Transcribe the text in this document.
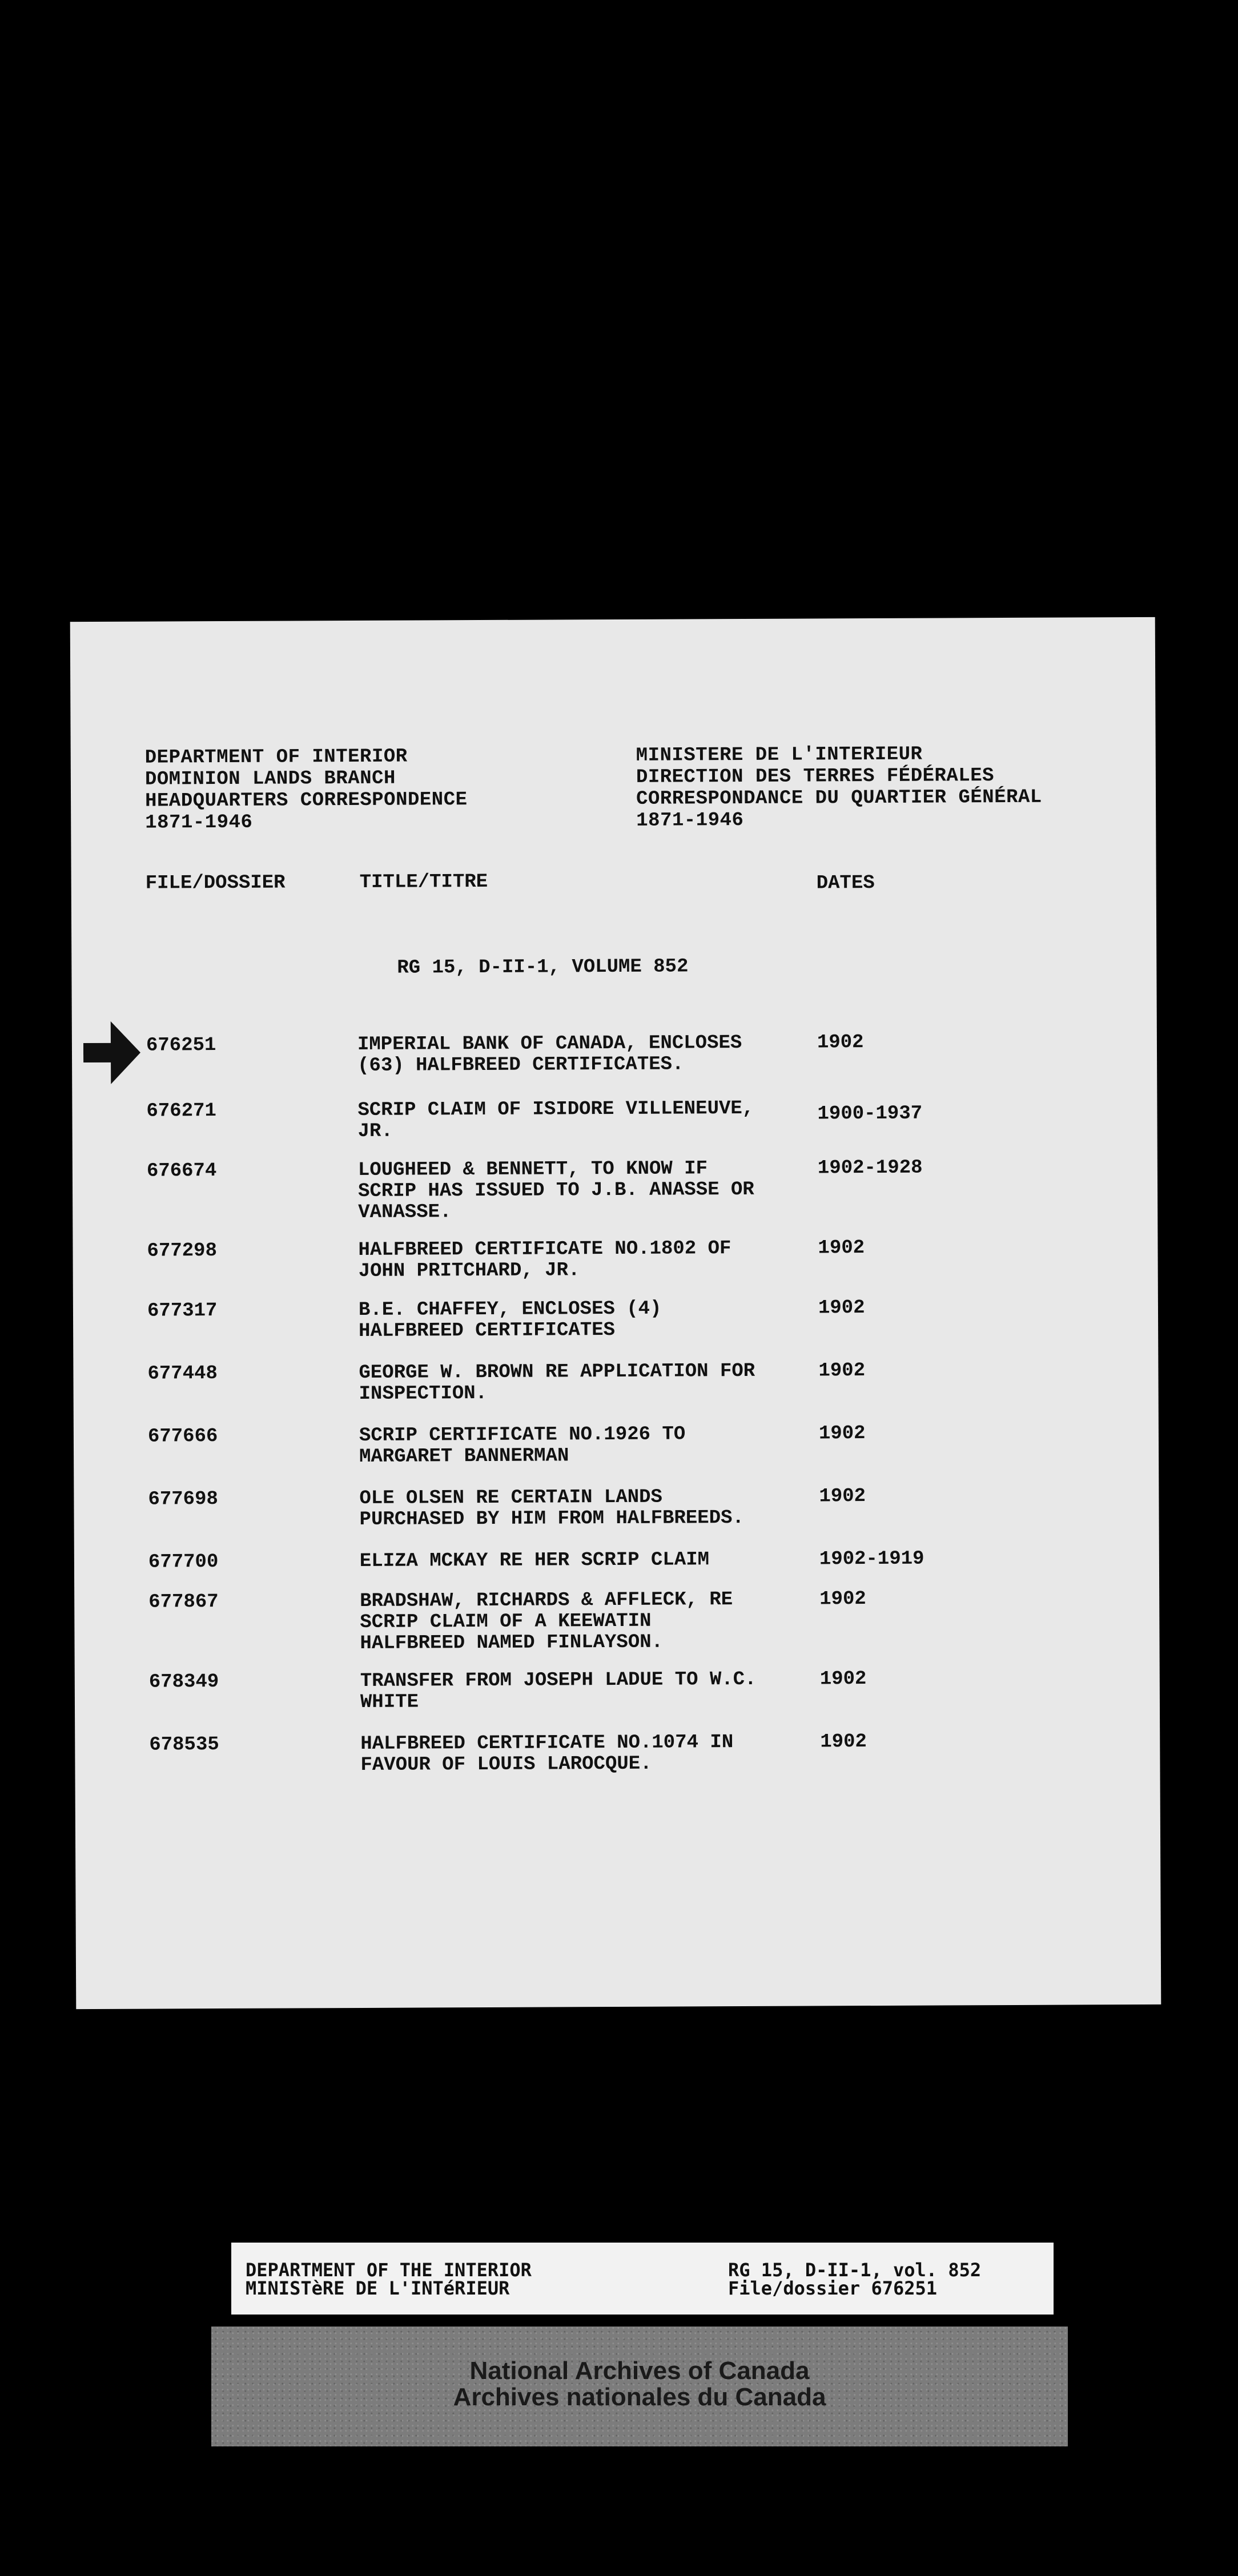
DEPARTMENT OF INTERIOR
DOMINION LANDS BRANCH
HEADQUARTERS CORRESPONDENCE
1871-1946
MINISTERE DE L'INTERIEUR
DIRECTION DES TERRES FÉDÉRALES
CORRESPONDANCE DU QUARTIER GÉNÉRAL
1871-1946
FILE/DOSSIER	TITLE/TITRE	DATES
RG 15, D-II-1, VOLUME 852
676251	IMPERIAL BANK OF CANADA, ENCLOSES
(63) HALFBREED CERTIFICATES.
1902
676271	SCRIP CLAIM OF ISIDORE VILLENEUVE,
JR.
1900-1937
676674	LOUGHEED & BENNETT, TO KNOW IF
SCRIP HAS ISSUED TO J.B. ANASSE OR
VANASSE.
1902-1928
677298	HALFBREED CERTIFICATE NO.1802 OF
JOHN PRITCHARD, JR.
1902
677317	B.E. CHAFFEY, ENCLOSES (4)
HALFBREED CERTIFICATES
1902
677448	GEORGE W. BROWN RE APPLICATION FOR
INSPECTION.
1902
677666	SCRIP CERTIFICATE NO.1926 TO
MARGARET BANNERMAN
1902
677698	OLE OLSEN RE CERTAIN LANDS
PURCHASED BY HIM FROM HALFBREEDS.
1902
677700	ELIZA MCKAY RE HER SCRIP CLAIM	1902-1919
677867	BRADSHAW, RICHARDS & AFFLECK, RE
SCRIP CLAIM OF A KEEWATIN
HALFBREED NAMED FINLAYSON.
1902
678349	TRANSFER FROM JOSEPH LADUE TO W.C.
WHITE
1902
678535	HALFBREED CERTIFICATE NO.1074 IN
FAVOUR OF LOUIS LAROCQUE.
1902
DEPARTMENT OF THE INTERIOR
MINISTèRE DE L'INTéRIEUR
RG 15, D-II-1, vol. 852
File/dossier 676251
National Archives of Canada
Archives nationales du Canada
